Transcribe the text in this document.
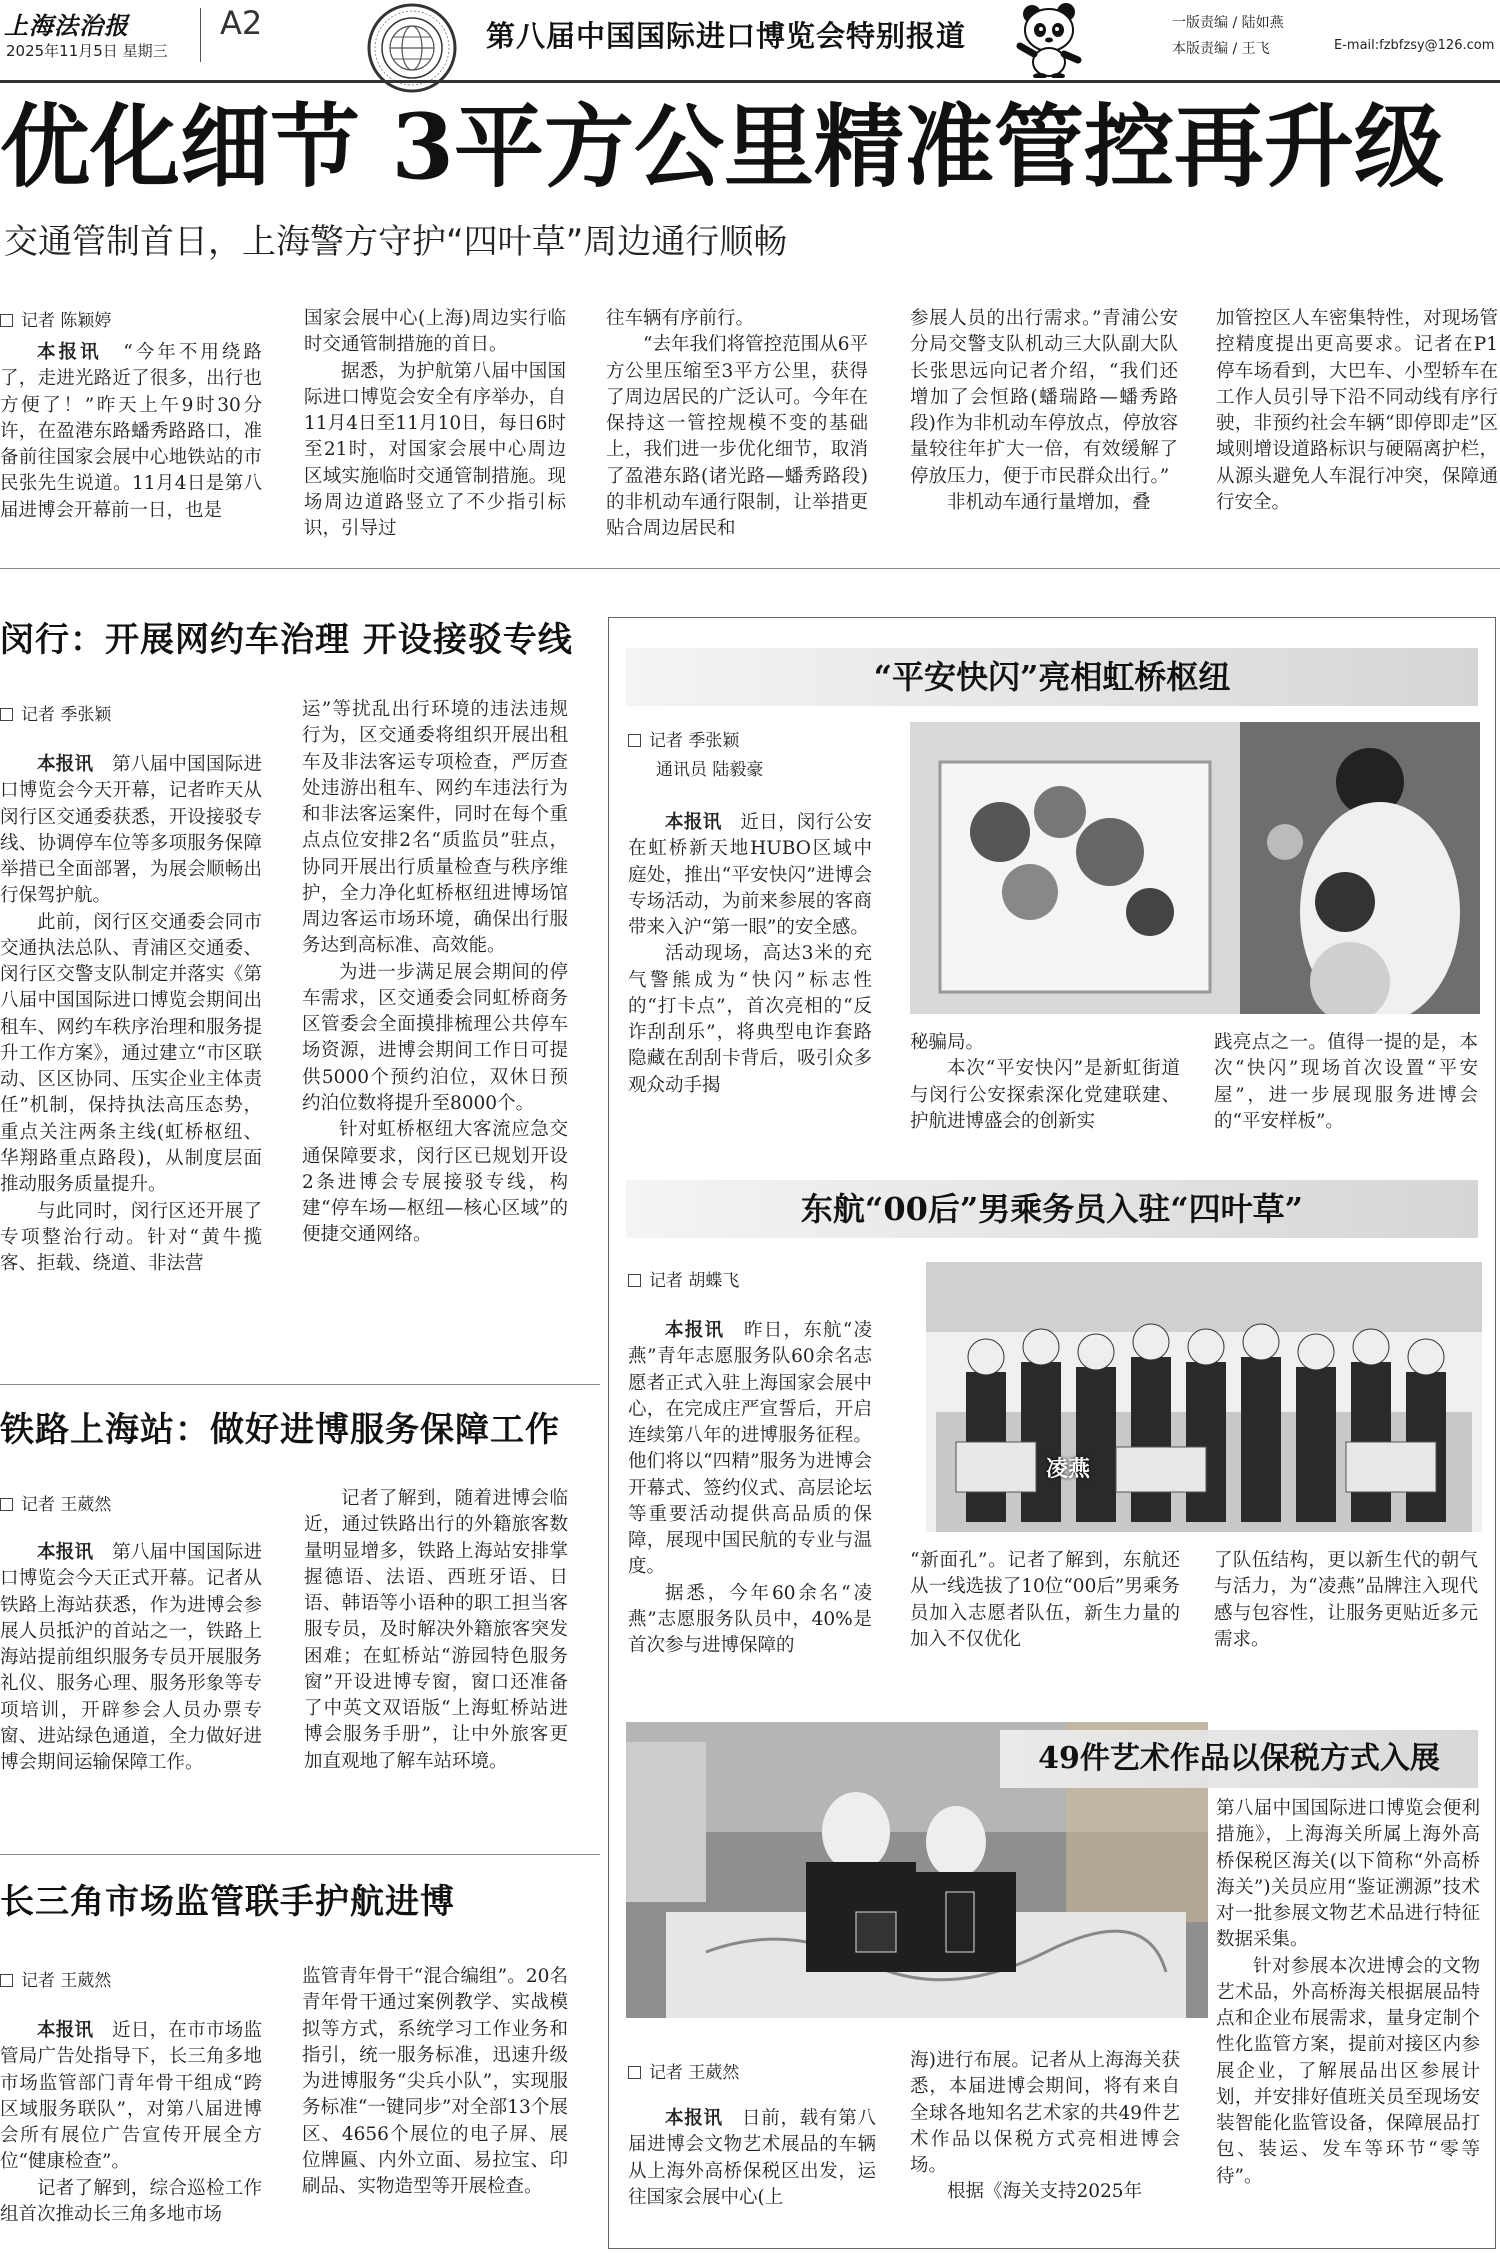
上海法治报
2025年11月5日 星期三
A2	第八届中国国际进口博览会特别报道	一版责编 / 陆如燕
本版责编 / 王飞	E-mail:fzbfzsy@126.com
优化细节 3平方公里精准管控再升级
交通管制首日，上海警方守护“四叶草”周边通行顺畅
记者 陈颖婷

本报讯　“今年不用绕路了，走进光路近了很多，出行也方便了！”昨天上午9时30分许，在盈港东路蟠秀路路口，准备前往国家会展中心地铁站的市民张先生说道。11月4日是第八届进博会开幕前一日，也是

国家会展中心(上海)周边实行临时交通管制措施的首日。

据悉，为护航第八届中国国际进口博览会安全有序举办，自11月4日至11月10日，每日6时至21时，对国家会展中心周边区域实施临时交通管制措施。现场周边道路竖立了不少指引标识，引导过

往车辆有序前行。

“去年我们将管控范围从6平方公里压缩至3平方公里，获得了周边居民的广泛认可。今年在保持这一管控规模不变的基础上，我们进一步优化细节，取消了盈港东路(诸光路—蟠秀路段)的非机动车通行限制，让举措更贴合周边居民和

参展人员的出行需求。”青浦公安分局交警支队机动三大队副大队长张思远向记者介绍，“我们还增加了会恒路(蟠瑞路—蟠秀路段)作为非机动车停放点，停放容量较往年扩大一倍，有效缓解了停放压力，便于市民群众出行。”

非机动车通行量增加，叠

加管控区人车密集特性，对现场管控精度提出更高要求。记者在P1停车场看到，大巴车、小型轿车在工作人员引导下沿不同动线有序行驶，非预约社会车辆“即停即走”区域则增设道路标识与硬隔离护栏，从源头避免人车混行冲突，保障通行安全。

闵行：开展网约车治理 开设接驳专线
记者 季张颖

本报讯　第八届中国国际进口博览会今天开幕，记者昨天从闵行区交通委获悉，开设接驳专线、协调停车位等多项服务保障举措已全面部署，为展会顺畅出行保驾护航。

此前，闵行区交通委会同市交通执法总队、青浦区交通委、闵行区交警支队制定并落实《第八届中国国际进口博览会期间出租车、网约车秩序治理和服务提升工作方案》，通过建立“市区联动、区区协同、压实企业主体责任”机制，保持执法高压态势，重点关注两条主线(虹桥枢纽、华翔路重点路段)，从制度层面推动服务质量提升。

与此同时，闵行区还开展了专项整治行动。针对“黄牛揽客、拒载、绕道、非法营

运”等扰乱出行环境的违法违规行为，区交通委将组织开展出租车及非法客运专项检查，严厉查处违游出租车、网约车违法行为和非法客运案件，同时在每个重点点位安排2名“质监员”驻点，协同开展出行质量检查与秩序维护，全力净化虹桥枢纽进博场馆周边客运市场环境，确保出行服务达到高标准、高效能。

为进一步满足展会期间的停车需求，区交通委会同虹桥商务区管委会全面摸排梳理公共停车场资源，进博会期间工作日可提供5000个预约泊位，双休日预约泊位数将提升至8000个。

针对虹桥枢纽大客流应急交通保障要求，闵行区已规划开设2条进博会专展接驳专线，构建“停车场—枢纽—核心区域”的便捷交通网络。

铁路上海站：做好进博服务保障工作
记者 王葳然

本报讯　第八届中国国际进口博览会今天正式开幕。记者从铁路上海站获悉，作为进博会参展人员抵沪的首站之一，铁路上海站提前组织服务专员开展服务礼仪、服务心理、服务形象等专项培训，开辟参会人员办票专窗、进站绿色通道，全力做好进博会期间运输保障工作。

记者了解到，随着进博会临近，通过铁路出行的外籍旅客数量明显增多，铁路上海站安排掌握德语、法语、西班牙语、日语、韩语等小语种的职工担当客服专员，及时解决外籍旅客突发困难；在虹桥站“游园特色服务窗”开设进博专窗，窗口还准备了中英文双语版“上海虹桥站进博会服务手册”，让中外旅客更加直观地了解车站环境。

长三角市场监管联手护航进博
记者 王葳然

本报讯　近日，在市市场监管局广告处指导下，长三角多地市场监管部门青年骨干组成“跨区域服务联队”，对第八届进博会所有展位广告宣传开展全方位“健康检查”。

记者了解到，综合巡检工作组首次推动长三角多地市场

监管青年骨干“混合编组”。20名青年骨干通过案例教学、实战模拟等方式，系统学习工作业务和指引，统一服务标准，迅速升级为进博服务“尖兵小队”，实现服务标准“一键同步”对全部13个展区、4656个展位的电子屏、展位牌匾、内外立面、易拉宝、印刷品、实物造型等开展检查。

“平安快闪”亮相虹桥枢纽
记者 季张颖
通讯员 陆毅豪

本报讯　近日，闵行公安在虹桥新天地HUBO区域中庭处，推出“平安快闪”进博会专场活动，为前来参展的客商带来入沪“第一眼”的安全感。

活动现场，高达3米的充气警熊成为“快闪”标志性的“打卡点”，首次亮相的“反诈刮刮乐”，将典型电诈套路隐藏在刮刮卡背后，吸引众多观众动手揭

秘骗局。

本次“平安快闪”是新虹街道与闵行公安探索深化党建联建、护航进博盛会的创新实

践亮点之一。值得一提的是，本次“快闪”现场首次设置“平安屋”，进一步展现服务进博会的“平安样板”。

东航“00后”男乘务员入驻“四叶草”
记者 胡蝶飞

本报讯　昨日，东航“凌燕”青年志愿服务队60余名志愿者正式入驻上海国家会展中心，在完成庄严宣誓后，开启连续第八年的进博服务征程。他们将以“四精”服务为进博会开幕式、签约仪式、高层论坛等重要活动提供高品质的保障，展现中国民航的专业与温度。

据悉，今年60余名“凌燕”志愿服务队员中，40%是首次参与进博保障的

凌燕

“新面孔”。记者了解到，东航还从一线选拔了10位“00后”男乘务员加入志愿者队伍，新生力量的加入不仅优化

了队伍结构，更以新生代的朝气与活力，为“凌燕”品牌注入现代感与包容性，让服务更贴近多元需求。

49件艺术作品以保税方式入展

第八届中国国际进口博览会便利措施》，上海海关所属上海外高桥保税区海关(以下简称“外高桥海关”)关员应用“鉴证溯源”技术对一批参展文物艺术品进行特征数据采集。

针对参展本次进博会的文物艺术品，外高桥海关根据展品特点和企业布展需求，量身定制个性化监管方案，提前对接区内参展企业，了解展品出区参展计划，并安排好值班关员至现场安装智能化监管设备，保障展品打包、装运、发车等环节“零等待”。

记者 王葳然

本报讯　日前，载有第八届进博会文物艺术展品的车辆从上海外高桥保税区出发，运往国家会展中心(上

海)进行布展。记者从上海海关获悉，本届进博会期间，将有来自全球各地知名艺术家的共49件艺术作品以保税方式亮相进博会场。

根据《海关支持2025年
